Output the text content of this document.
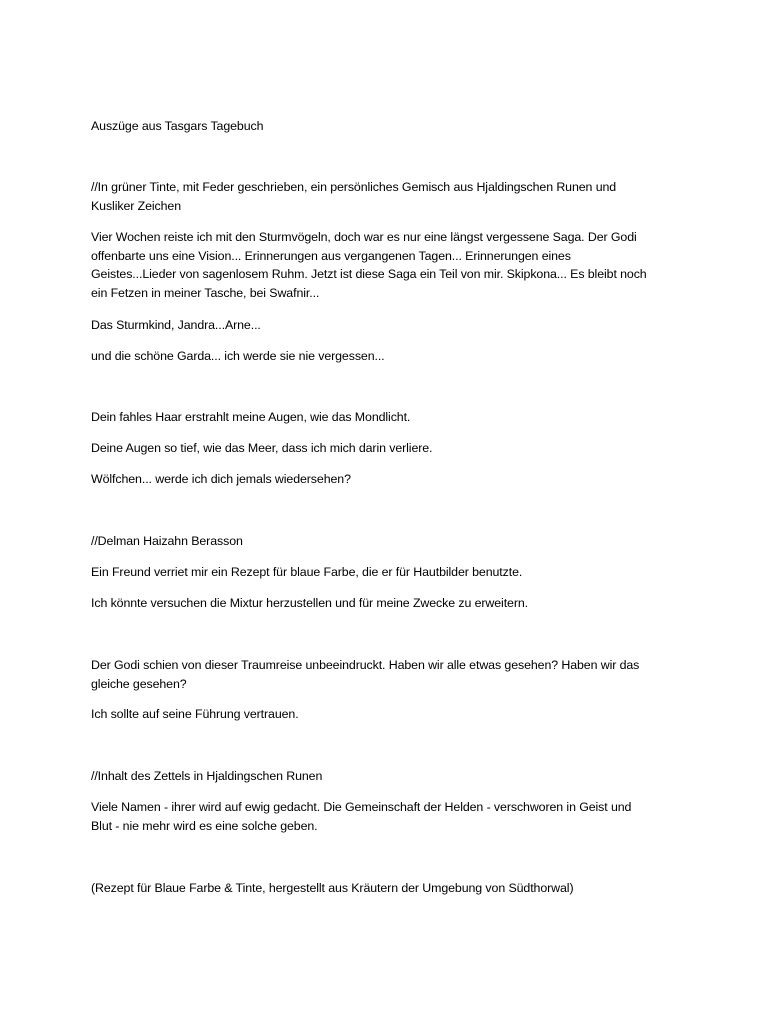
Auszüge aus Tasgars Tagebuch
//In grüner Tinte, mit Feder geschrieben, ein persönliches Gemisch aus Hjaldingschen Runen und
Kusliker Zeichen
Vier Wochen reiste ich mit den Sturmvögeln, doch war es nur eine längst vergessene Saga. Der Godi
offenbarte uns eine Vision... Erinnerungen aus vergangenen Tagen... Erinnerungen eines
Geistes...Lieder von sagenlosem Ruhm. Jetzt ist diese Saga ein Teil von mir. Skipkona... Es bleibt noch
ein Fetzen in meiner Tasche, bei Swafnir...
Das Sturmkind, Jandra...Arne...
und die schöne Garda... ich werde sie nie vergessen...
Dein fahles Haar erstrahlt meine Augen, wie das Mondlicht.
Deine Augen so tief, wie das Meer, dass ich mich darin verliere.
Wölfchen... werde ich dich jemals wiedersehen?
//Delman Haizahn Berasson
Ein Freund verriet mir ein Rezept für blaue Farbe, die er für Hautbilder benutzte.
Ich könnte versuchen die Mixtur herzustellen und für meine Zwecke zu erweitern.
Der Godi schien von dieser Traumreise unbeeindruckt. Haben wir alle etwas gesehen? Haben wir das
gleiche gesehen?
Ich sollte auf seine Führung vertrauen.
//Inhalt des Zettels in Hjaldingschen Runen
Viele Namen - ihrer wird auf ewig gedacht. Die Gemeinschaft der Helden - verschworen in Geist und
Blut - nie mehr wird es eine solche geben.
(Rezept für Blaue Farbe & Tinte, hergestellt aus Kräutern der Umgebung von Südthorwal)
